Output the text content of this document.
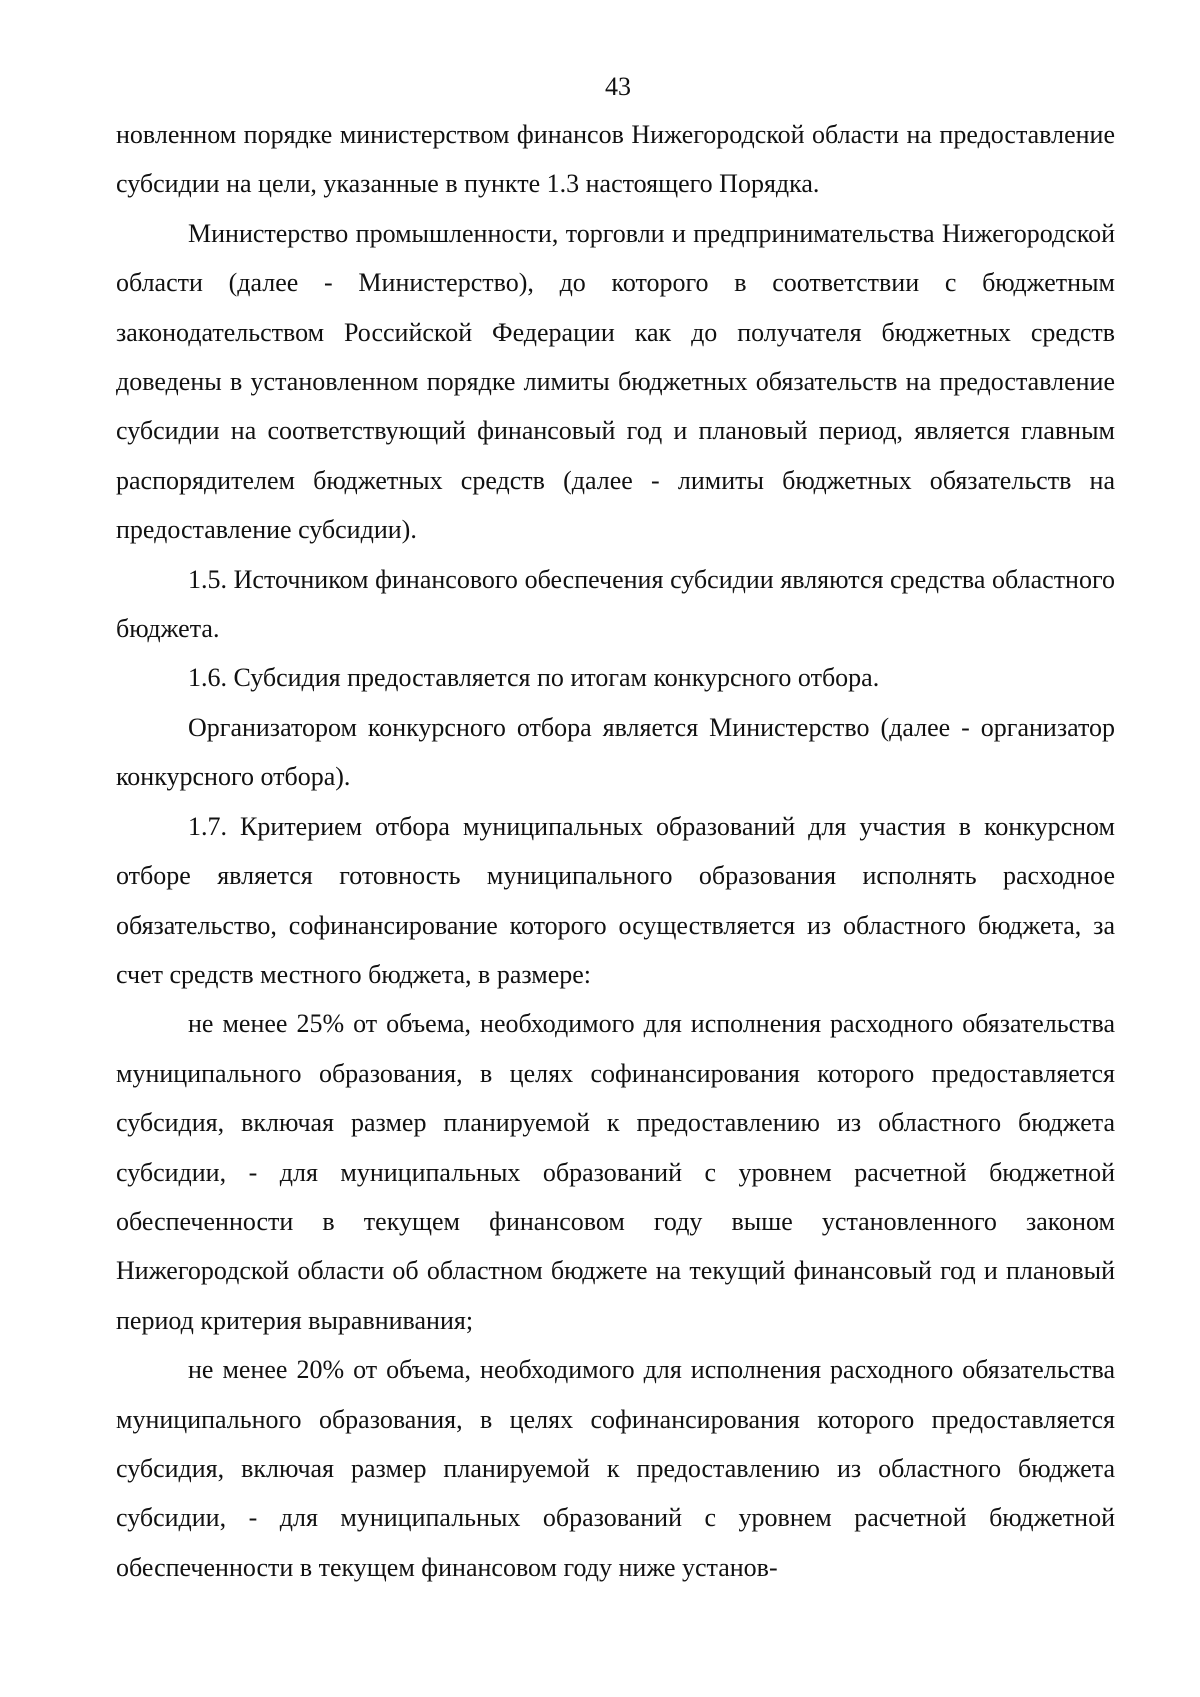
43

новленном порядке министерством финансов Нижегородской области на предоставление субсидии на цели, указанные в пункте 1.3 настоящего Порядка.

Министерство промышленности, торговли и предпринимательства Нижегородской области (далее - Министерство), до которого в соответствии с бюджетным законодательством Российской Федерации как до получателя бюджетных средств доведены в установленном порядке лимиты бюджетных обязательств на предоставление субсидии на соответствующий финансовый год и плановый период, является главным распорядителем бюджетных средств (далее - лимиты бюджетных обязательств на предоставление субсидии).

1.5. Источником финансового обеспечения субсидии являются средства областного бюджета.

1.6. Субсидия предоставляется по итогам конкурсного отбора.

Организатором конкурсного отбора является Министерство (далее - организатор конкурсного отбора).

1.7. Критерием отбора муниципальных образований для участия в конкурсном отборе является готовность муниципального образования исполнять расходное обязательство, софинансирование которого осуществляется из областного бюджета, за счет средств местного бюджета, в размере:

не менее 25% от объема, необходимого для исполнения расходного обязательства муниципального образования, в целях софинансирования которого предоставляется субсидия, включая размер планируемой к предоставлению из областного бюджета субсидии, - для муниципальных образований с уровнем расчетной бюджетной обеспеченности в текущем финансовом году выше установленного законом Нижегородской области об областном бюджете на текущий финансовый год и плановый период критерия выравнивания;

не менее 20% от объема, необходимого для исполнения расходного обязательства муниципального образования, в целях софинансирования которого предоставляется субсидия, включая размер планируемой к предоставлению из областного бюджета субсидии, - для муниципальных образований с уровнем расчетной бюджетной обеспеченности в текущем финансовом году ниже установ-
